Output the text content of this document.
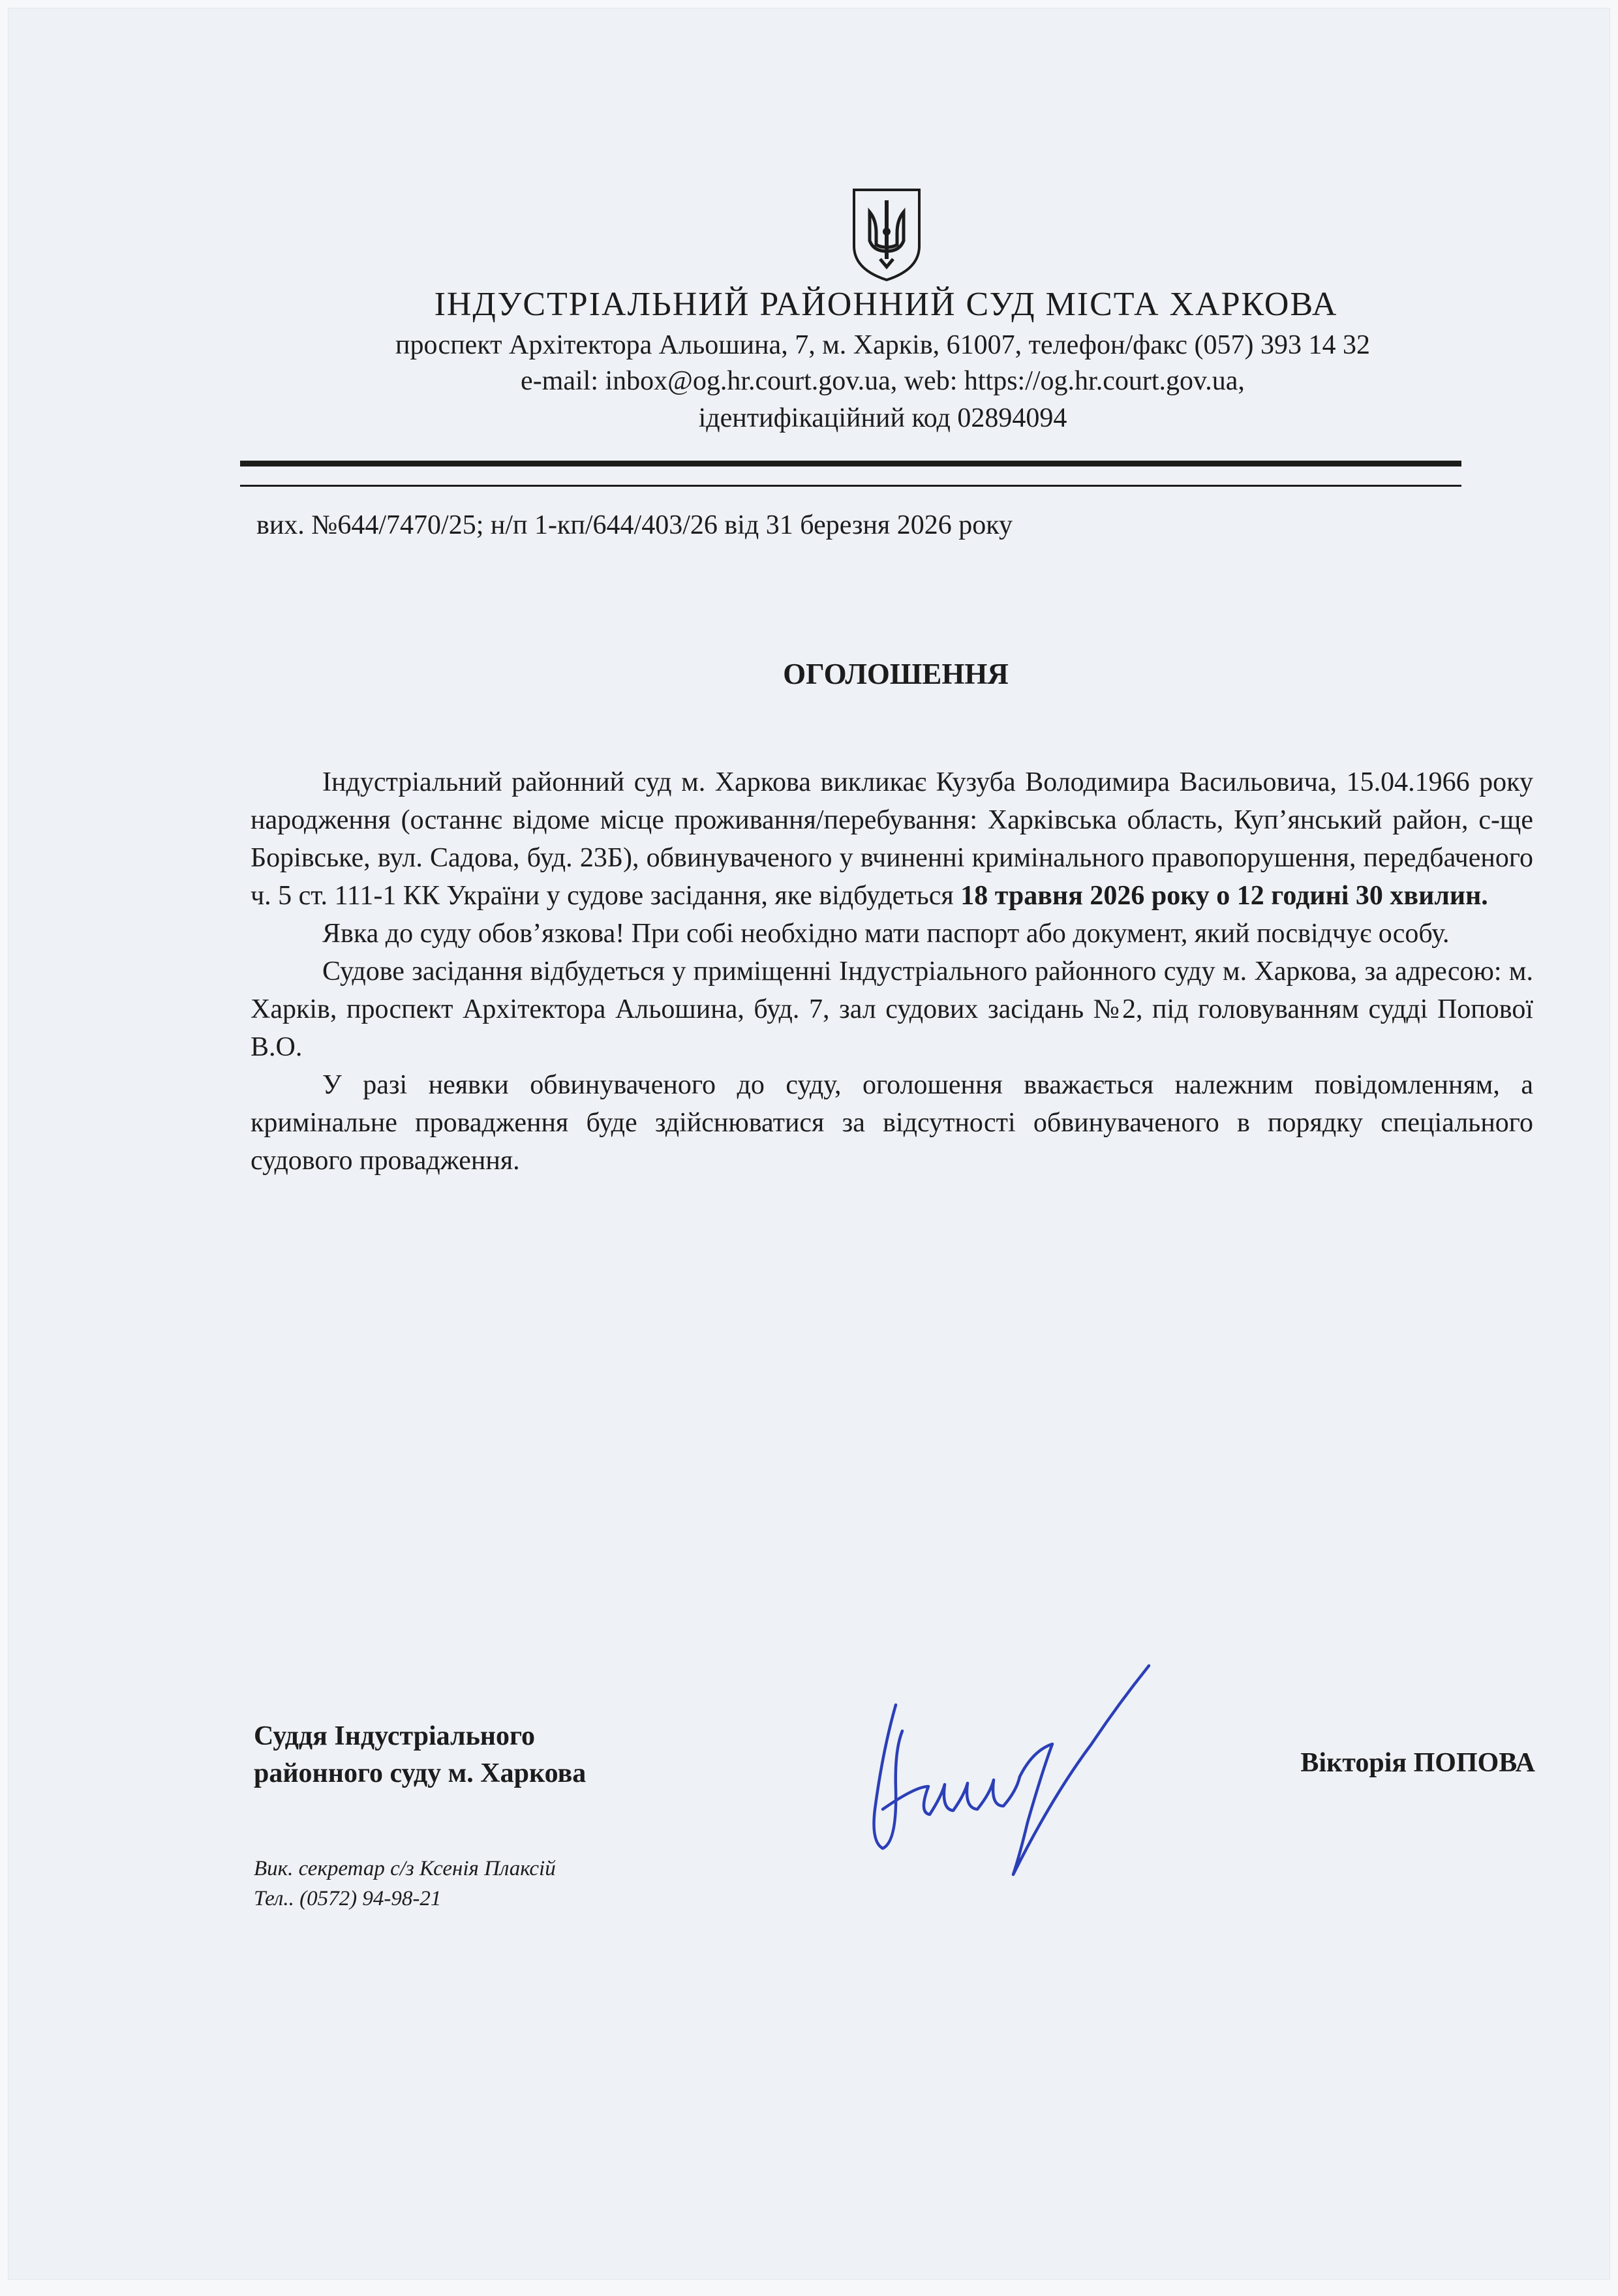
ІНДУСТРІАЛЬНИЙ РАЙОННИЙ СУД МІСТА ХАРКОВА
проспект Архітектора Альошина, 7, м. Харків, 61007, телефон/факс (057) 393 14 32
e-mail: inbox@og.hr.court.gov.ua, web: https://og.hr.court.gov.ua,
ідентифікаційний код 02894094
вих. №644/7470/25; н/п 1-кп/644/403/26 від 31 березня 2026 року
ОГОЛОШЕННЯ

Індустріальний районний суд м. Харкова викликає Кузуба Володимира Васильовича, 15.04.1966 року народження (останнє відоме місце проживання/перебування: Харківська область, Куп’янський район, с-ще Борівське, вул. Садова, буд. 23Б), обвинуваченого у вчиненні кримінального правопорушення, передбаченого ч. 5 ст. 111-1 КК України у судове засідання, яке відбудеться 18 травня 2026 року о 12 годині 30 хвилин.

Явка до суду обов’язкова! При собі необхідно мати паспорт або документ, який посвідчує особу.

Судове засідання відбудеться у приміщенні Індустріального районного суду м. Харкова, за адресою: м. Харків, проспект Архітектора Альошина, буд. 7, зал судових засідань №2, під головуванням судді Попової В.О.

У разі неявки обвинуваченого до суду, оголошення вважається належним повідомленням, а кримінальне провадження буде здійснюватися за відсутності обвинуваченого в порядку спеціального судового провадження.

Суддя Індустріального
районного суду м. Харкова	Вікторія ПОПОВА
Вик. секретар с/з Ксенія Плаксій
Тел.. (0572) 94-98-21
